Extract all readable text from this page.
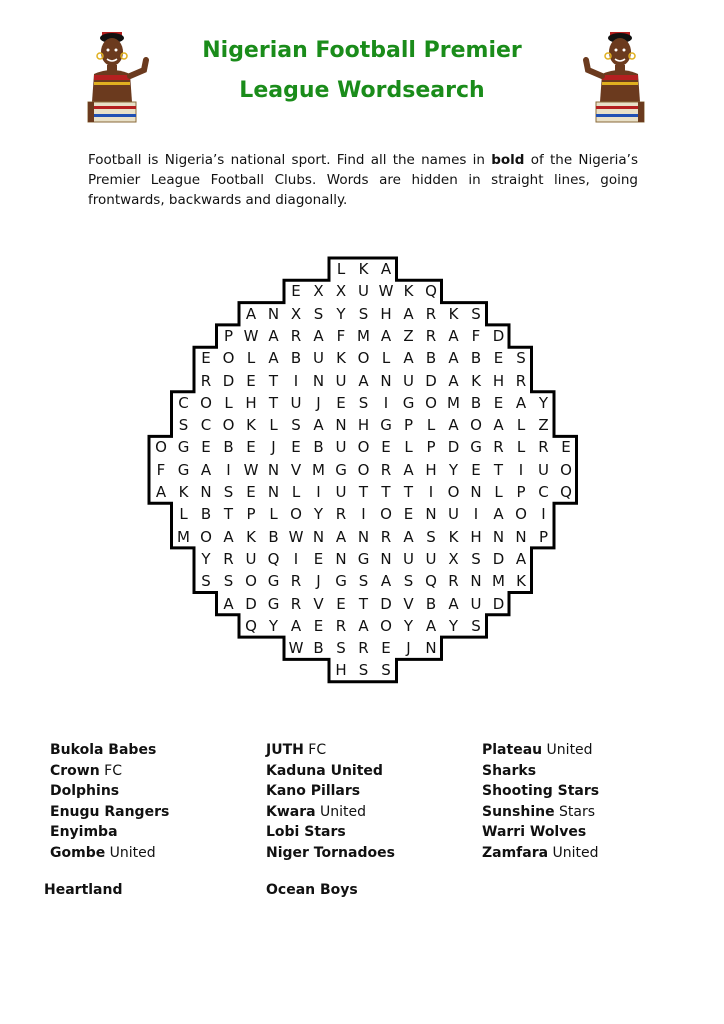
Nigerian Football Premier
League Wordsearch
Football is Nigeria’s national sport. Find all the names in bold of the Nigeria’s Premier League Football Clubs. Words are hidden in straight lines, going frontwards, backwards and diagonally.
L K A
E X X U W K Q
A N X S Y S H A R K S
P W A R A F M A Z R A F D
E O L A B U K O L A B A B E S
R D E T	I N U A N U D A K H R
C O L H T U J	E S	I G O M B E A Y
S C O K L S A N H G P L A O A L Z
O G E B E	J	E B U O E L P D G R L R E
F G A	I W N V M G O R A H Y E T	I U O
A K N S E N L	I U T T T	I O N L P C Q
L B T P L O Y R	I O E N U I	A O I
M O A K B W N A N R A S K H N N P
Y R U Q I	E N G N U U X S D A
S S O G R	J G S A S Q R N M K
A D G R V E T D V B A U D
Q Y A E R A O Y A Y S
W B S R E	J N
H S S
Bukola Babes
Crown FC
Dolphins
Enugu Rangers
Enyimba
Gombe United
JUTH FC
Kaduna United
Kano Pillars
Kwara United
Lobi Stars
Niger Tornadoes
Plateau United
Sharks
Shooting Stars
Sunshine Stars
Warri Wolves
Zamfara United
Heartland	Ocean Boys
